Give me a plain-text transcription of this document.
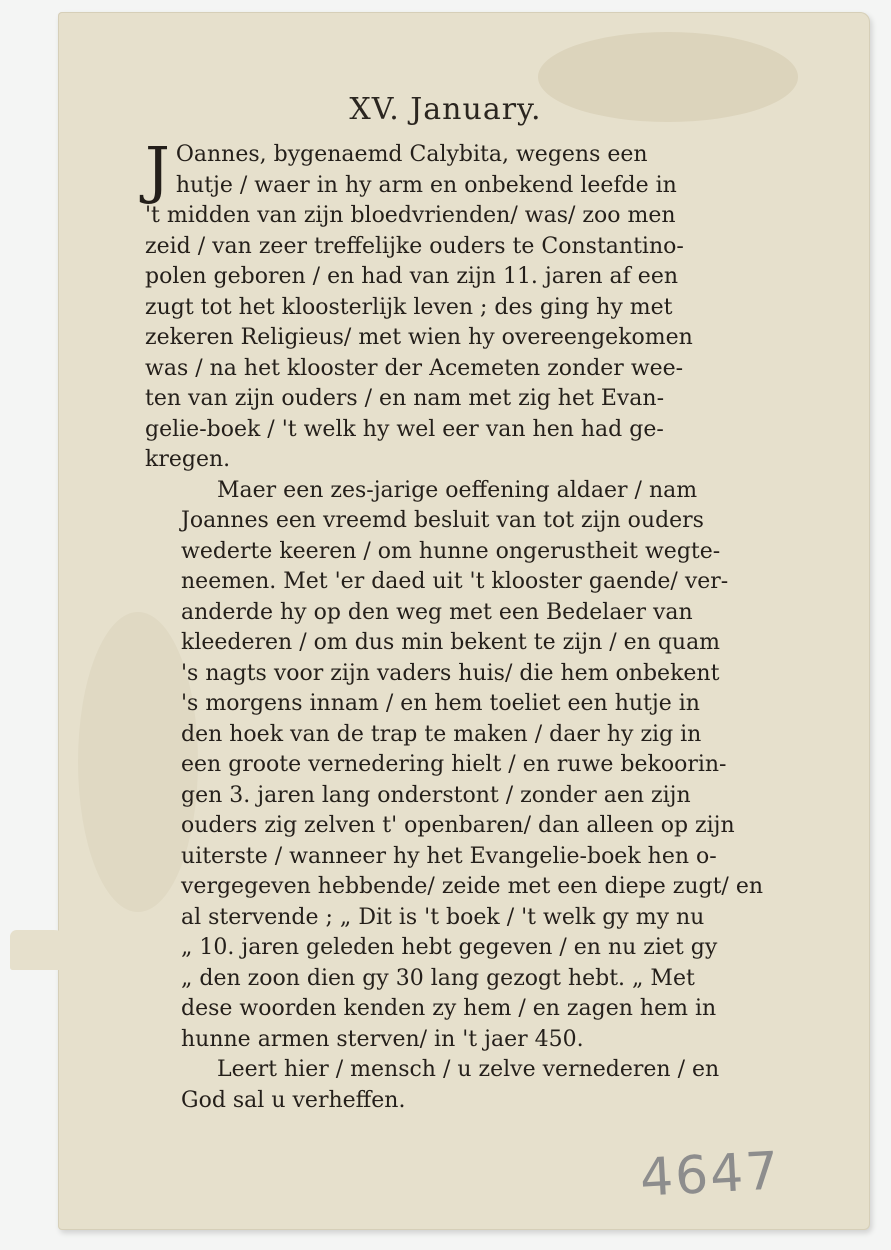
XV. January.
J Oannes, bygenaemd Calybita, wegens een
hutje / waer in hy arm en onbekend leefde in
't midden van zijn bloedvrienden/ was/ zoo men
zeid / van zeer treffelijke ouders te Constantino-
polen geboren / en had van zijn 11. jaren af een
zugt tot het kloosterlijk leven ; des ging hy met
zekeren Religieus/ met wien hy overeengekomen
was / na het klooster der Acemeten zonder wee-
ten van zijn ouders / en nam met zig het Evan-
gelie-boek / 't welk hy wel eer van hen had ge-
kregen.
Maer een zes-jarige oeffening aldaer / nam
Joannes een vreemd besluit van tot zijn ouders
wederte keeren / om hunne ongerustheit wegte-
neemen. Met 'er daed uit 't klooster gaende/ ver-
anderde hy op den weg met een Bedelaer van
kleederen / om dus min bekent te zijn / en quam
's nagts voor zijn vaders huis/ die hem onbekent
's morgens innam / en hem toeliet een hutje in
den hoek van de trap te maken / daer hy zig in
een groote vernedering hielt / en ruwe bekoorin-
gen 3. jaren lang onderstont / zonder aen zijn
ouders zig zelven t' openbaren/ dan alleen op zijn
uiterste / wanneer hy het Evangelie-boek hen o-
vergegeven hebbende/ zeide met een diepe zugt/ en
al stervende ; „ Dit is 't boek / 't welk gy my nu
„ 10. jaren geleden hebt gegeven / en nu ziet gy
„ den zoon dien gy 30 lang gezogt hebt. „ Met
dese woorden kenden zy hem / en zagen hem in
hunne armen sterven/ in 't jaer 450.
Leert hier / mensch / u zelve vernederen / en
God sal u verheffen.
4647
